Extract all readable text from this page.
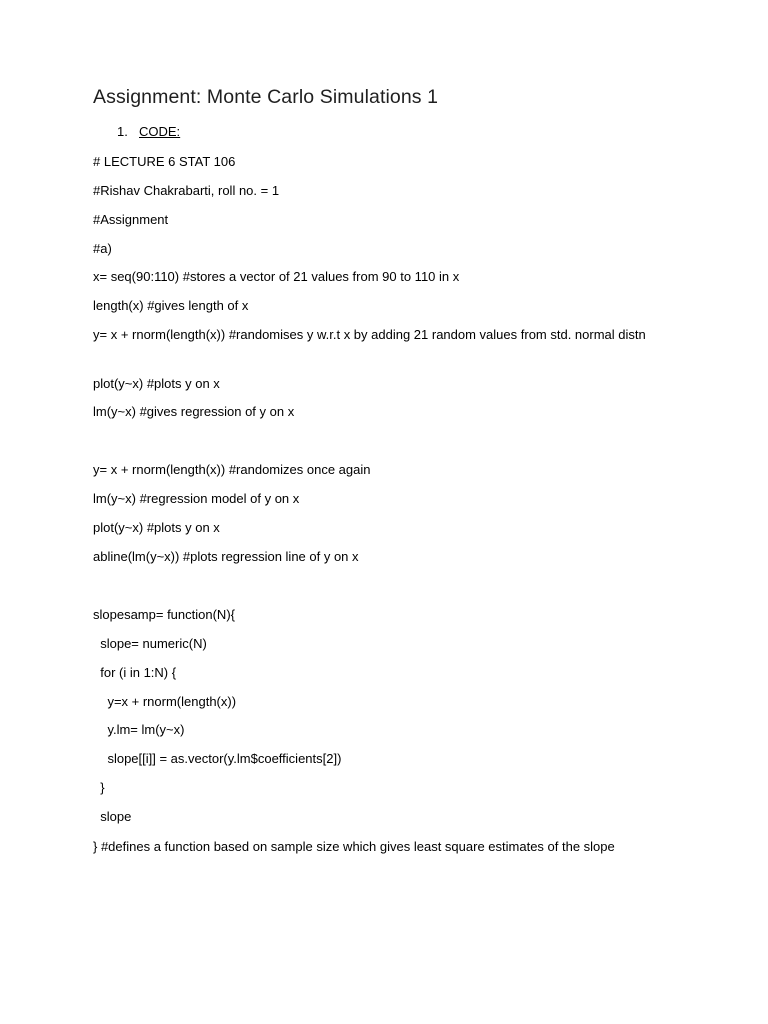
Assignment: Monte Carlo Simulations 1
1. CODE:
# LECTURE 6 STAT 106
#Rishav Chakrabarti, roll no. = 1
#Assignment
#a)
x= seq(90:110) #stores a vector of 21 values from 90 to 110 in x
length(x) #gives length of x
y= x + rnorm(length(x)) #randomises y w.r.t x by adding 21 random values from std. normal distn
plot(y~x) #plots y on x
lm(y~x) #gives regression of y on x
y= x + rnorm(length(x)) #randomizes once again
lm(y~x) #regression model of y on x
plot(y~x) #plots y on x
abline(lm(y~x)) #plots regression line of y on x
slopesamp= function(N){
slope= numeric(N)
for (i in 1:N) {
y=x + rnorm(length(x))
y.lm= lm(y~x)
slope[[i]] = as.vector(y.lm$coefficients[2])
}
slope
} #defines a function based on sample size which gives least square estimates of the slope
